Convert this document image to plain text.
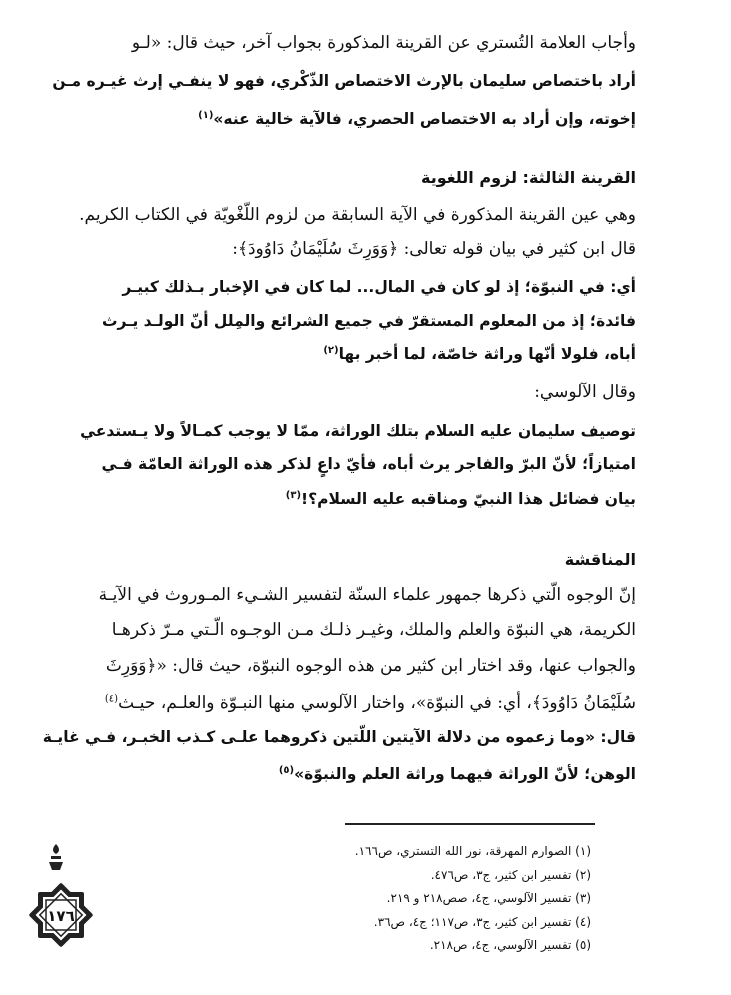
وأجاب العلامة التُستري عن القرينة المذكورة بجواب آخر، حيث قال: «لـو
أراد باختصاص سليمان بالإرث الاختصاص الذّكْري، فهو لا ينفـي إرث غيـره مـن
إخوته، وإن أراد به الاختصاص الحصري، فالآية خالية عنه»$^{(١)}$
القرينة الثالثة: لزوم اللغوية
وهي عين القرينة المذكورة في الآية السابقة من لزوم اللّغْويّة في الكتاب الكريم.
قال ابن كثير في بيان قوله تعالى: ﴿وَوَرِثَ سُلَيْمَانُ دَاوُودَ﴾:
أي: في النبوّة؛ إذ لو كان في المال... لما كان في الإخبار بـذلك كبيـر
فائدة؛ إذ من المعلوم المستقرّ في جميع الشرائع والمِلل أنّ الولـد يـرث
أباه، فلولا أنّها وراثة خاصّة، لما أخبر بها$^{(٢)}$
وقال الآلوسي:
توصيف سليمان عليه السلام بتلك الوراثة، ممّا لا يوجب كمـالاً ولا يـستدعي
امتيازاً؛ لأنّ البرّ والفاجر يرث أباه، فأيّ داعٍ لذكر هذه الوراثة العامّة فـي
بيان فضائل هذا النبيّ ومناقبه عليه السلام؟!$^{(٣)}$
المناقشة
إنّ الوجوه الّتي ذكرها جمهور علماء السنّة لتفسير الشـيء المـوروث في الآيـة
الكريمة، هي النبوّة والعلم والملك، وغيـر ذلـك مـن الوجـوه الّـتي مـرّ ذكرهـا
والجواب عنها، وقد اختار ابن كثير من هذه الوجوه النبوّة، حيث قال: «﴿وَوَرِثَ
سُلَيْمَانُ دَاوُودَ﴾، أي: في النبوّة»، واختار الآلوسي منها النبـوّة والعلـم، حيـث$^{(٤)}$
قال: «وما زعموه من دلالة الآيتين اللّتين ذكروهما علـى كـذب الخبـر، فـي غايـة
الوهن؛ لأنّ الوراثة فيهما وراثة العلم والنبوّة»$^{(٥)}$
(١) الصوارم المهرقة، نور الله التستري، ص١٦٦.
(٢) تفسير ابن كثير، ج٣، ص٤٧٦.
(٣) تفسير الآلوسي، ج٤، صص٢١٨ و ٢١٩.
(٤) تفسير ابن كثير، ج٣، ص١١٧؛ ج٤، ص٣٦.
(٥) تفسير الآلوسي، ج٤، ص٢١٨.
١٧٦
